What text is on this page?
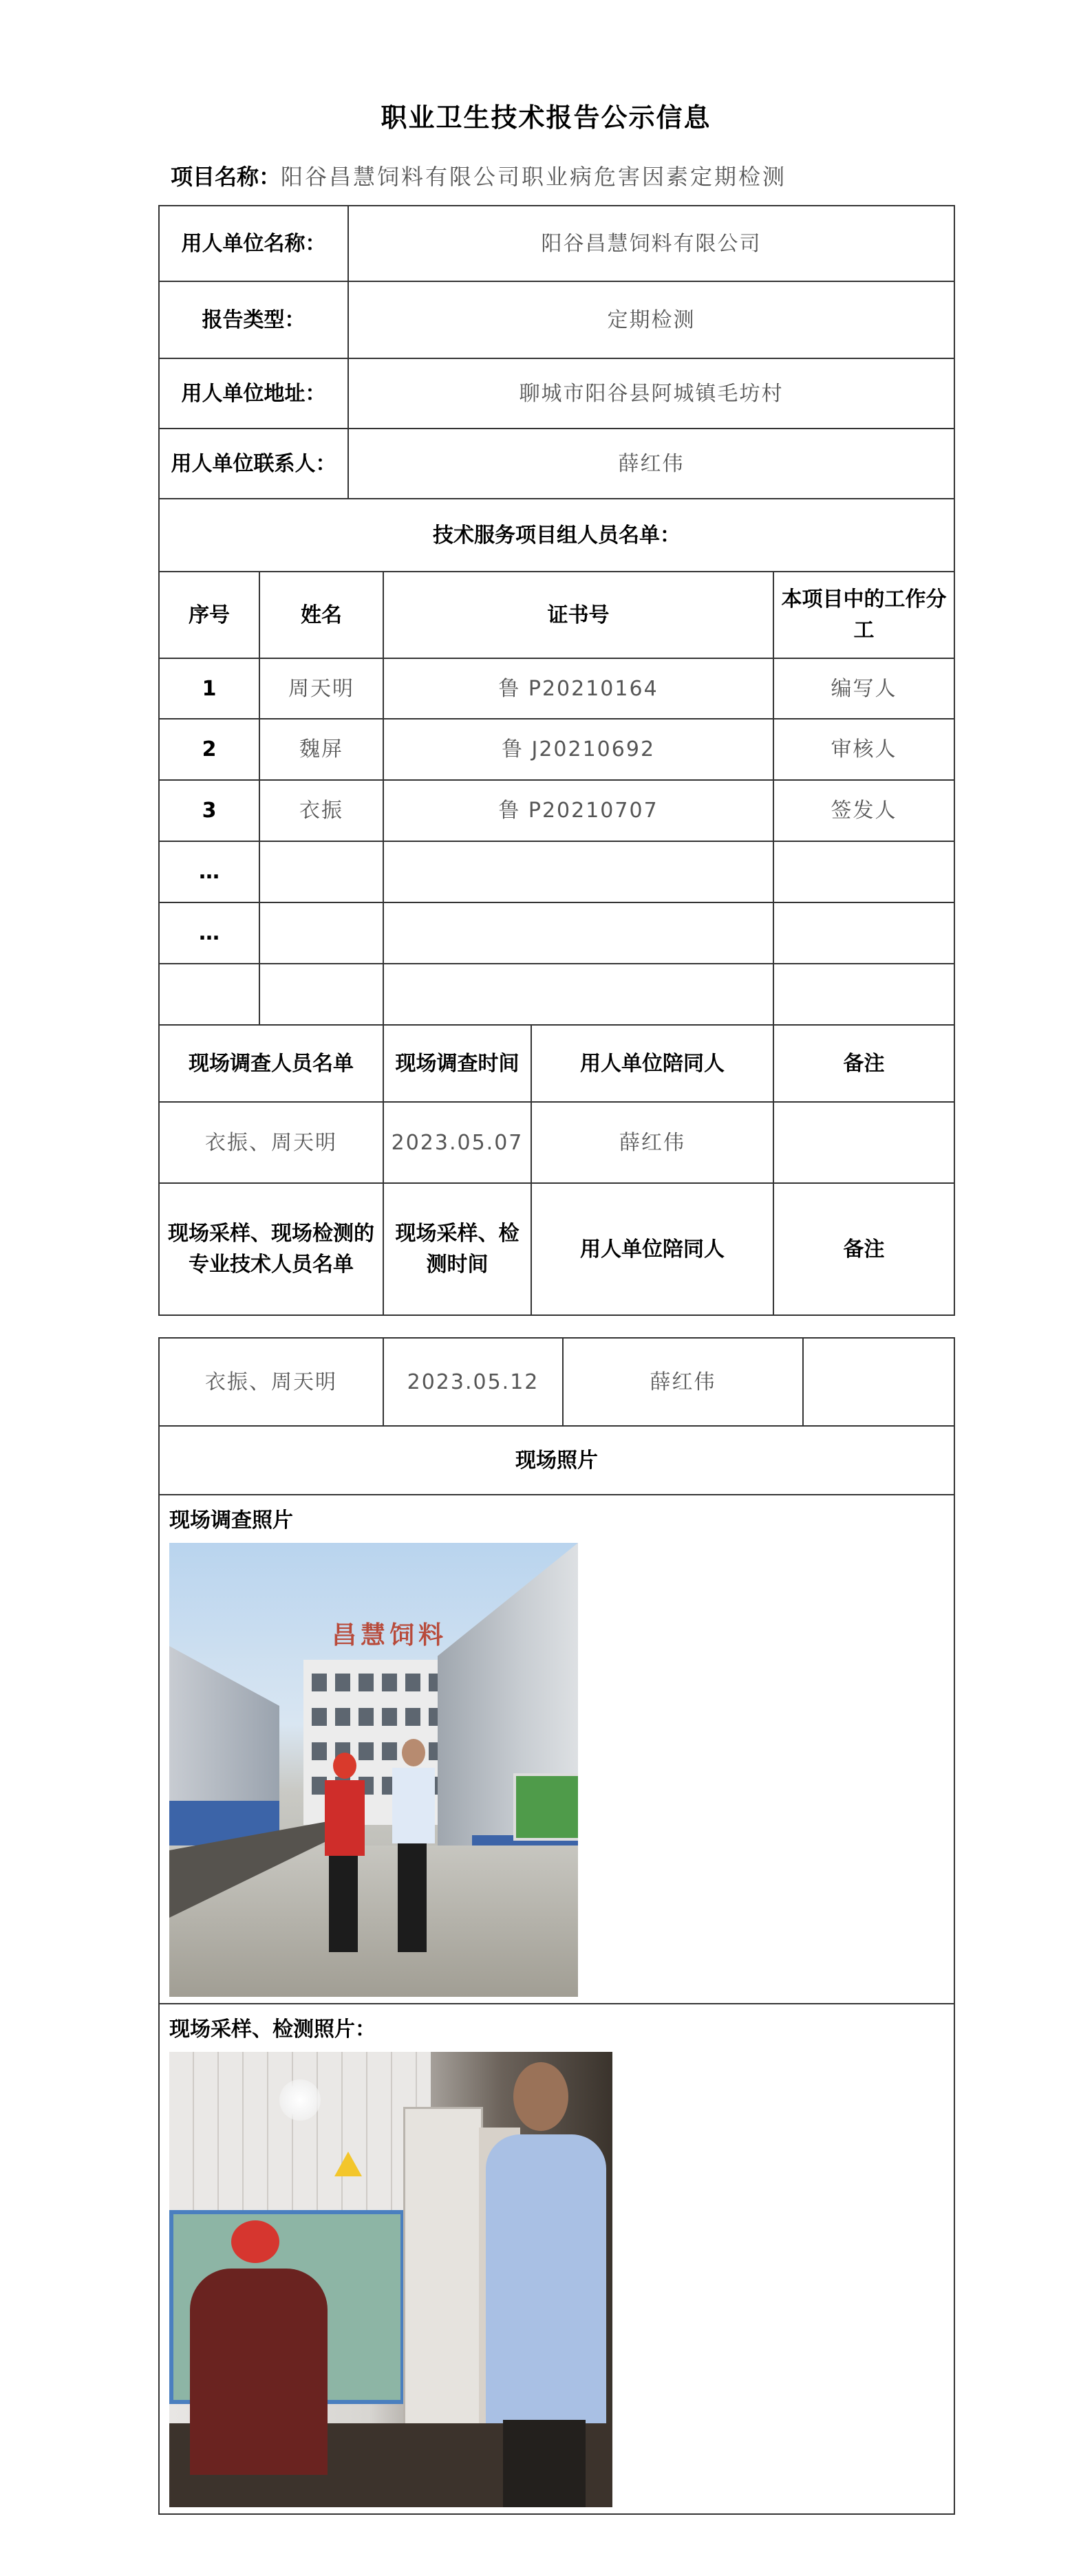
职业卫生技术报告公示信息
项目名称：阳谷昌慧饲料有限公司职业病危害因素定期检测
用人单位名称：		阳谷昌慧饲料有限公司			
报告类型：		定期检测			
用人单位地址：		聊城市阳谷县阿城镇毛坊村			
用人单位联系人：		薛红伟			
技术服务项目组人员名单：					
序号	姓名		证书号		本项目中的工作分工
1	周天明		鲁 P20210164		编写人
2	魏屏		鲁 J20210692		审核人
3	衣振		鲁 P20210707		签发人
…					
…					

现场调查人员名单			现场调查时间	用人单位陪同人	备注
衣振、周天明			2023.05.07	薛红伟	
现场采样、现场检测的专业技术人员名单			现场采样、检测时间	用人单位陪同人	备注
衣振、周天明	2023.05.12	薛红伟	
现场照片

现场调查照片
昌慧饲料

现场采样、检测照片：
